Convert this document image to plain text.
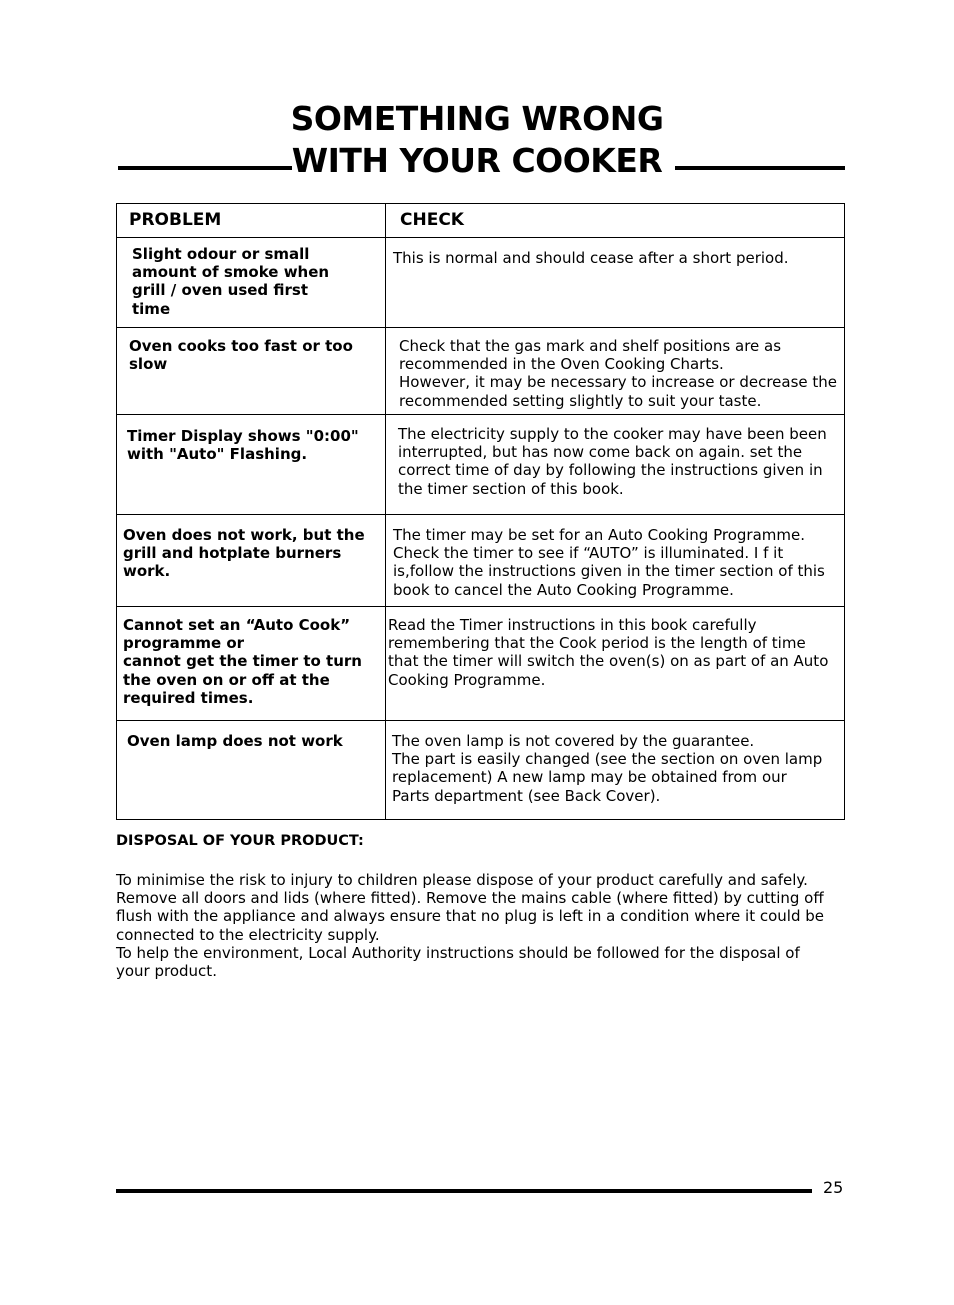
SOMETHING WRONG
WITH YOUR COOKER
PROBLEM	CHECK
Slight odour or small
amount of smoke when
grill / oven used first
time
This is normal and should cease after a short period.
Oven cooks too fast or too
slow
Check that the gas mark and shelf positions are as
recommended in the Oven Cooking Charts.
However, it may be necessary to increase or decrease the
recommended setting slightly to suit your taste.
Timer Display shows "0:00"
with "Auto" Flashing.
The electricity supply to the cooker may have been been
interrupted, but has now come back on again. set the
correct time of day by following the instructions given in
the timer section of this book.
Oven does not work, but the
grill and hotplate burners
work.
The timer may be set for an Auto Cooking Programme.
Check the timer to see if “AUTO” is illuminated. I f it
is,follow the instructions given in the timer section of this
book to cancel the Auto Cooking Programme.
Cannot set an “Auto Cook”
programme or
cannot get the timer to turn
the oven on or off at the
required times.
Read the Timer instructions in this book carefully
remembering that the Cook period is the length of time
that the timer will switch the oven(s) on as part of an Auto
Cooking Programme.
Oven lamp does not work	The oven lamp is not covered by the guarantee.
The part is easily changed (see the section on oven lamp
replacement) A new lamp may be obtained from our
Parts department (see Back Cover).
DISPOSAL OF YOUR PRODUCT:

To minimise the risk to injury to children please dispose of your product carefully and safely.
Remove all doors and lids (where fitted). Remove the mains cable (where fitted) by cutting off
flush with the appliance and always ensure that no plug is left in a condition where it could be
connected to the electricity supply.
To help the environment, Local Authority instructions should be followed for the disposal of
your product.

25
